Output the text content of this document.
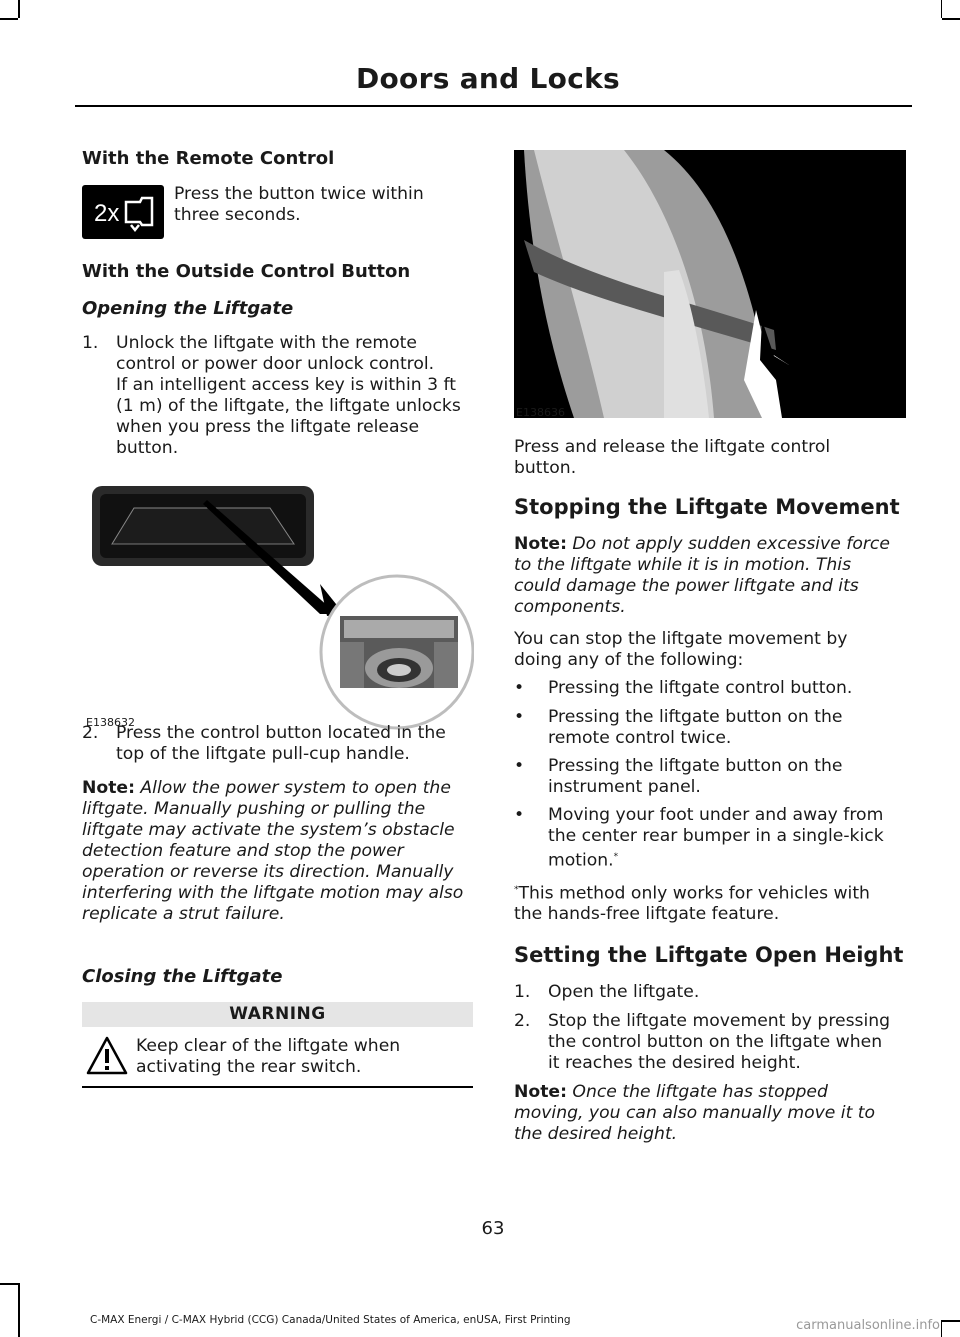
Doors and Locks
With the Remote Control
2x
Press the button twice within
three seconds.
With the Outside Control Button
Opening the Liftgate
1. Unlock the liftgate with the remote
control or power door unlock control.
If an intelligent access key is within 3 ft
(1 m) of the liftgate, the liftgate unlocks
when you press the liftgate release
button.
E138632
2. Press the control button located in the
top of the liftgate pull-cup handle.
Note: Allow the power system to open the
liftgate. Manually pushing or pulling the
liftgate may activate the system’s obstacle
detection feature and stop the power
operation or reverse its direction. Manually
interfering with the liftgate motion may also
replicate a strut failure.
Closing the Liftgate
WARNING
Keep clear of the liftgate when
activating the rear switch.
E138636
Press and release the liftgate control
button.
Stopping the Liftgate Movement
Note: Do not apply sudden excessive force
to the liftgate while it is in motion. This
could damage the power liftgate and its
components.
You can stop the liftgate movement by
doing any of the following:
• Pressing the liftgate control button.
• Pressing the liftgate button on the
remote control twice.
• Pressing the liftgate button on the
instrument panel.
• Moving your foot under and away from
the center rear bumper in a single-kick
motion.*
*This method only works for vehicles with
the hands-free liftgate feature.
Setting the Liftgate Open Height
1. Open the liftgate.
2. Stop the liftgate movement by pressing
the control button on the liftgate when
it reaches the desired height.
Note: Once the liftgate has stopped
moving, you can also manually move it to
the desired height.
63
C-MAX Energi / C-MAX Hybrid (CCG) Canada/United States of America, enUSA, First Printing	carmanualsonline.info
